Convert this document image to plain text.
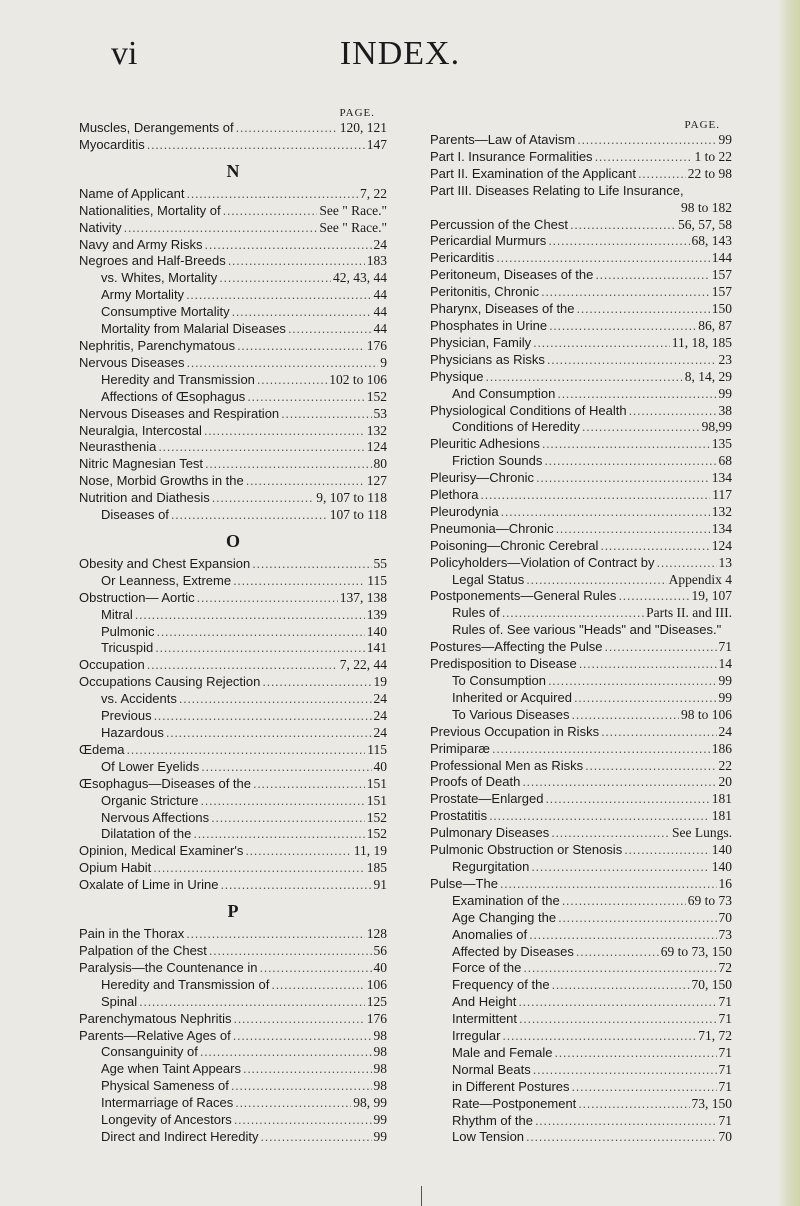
vi	INDEX.
PAGE.
Muscles, Derangements of . . .	120, 121
Myocarditis . . .	147
N
Name of Applicant . . .	7, 22
Nationalities, Mortality of . . .	See " Race."
Nativity . . .	See " Race."
Navy and Army Risks . . .	24
Negroes and Half-Breeds . . .	183
vs. Whites, Mortality . . .	42, 43, 44
Army Mortality . . .	44
Consumptive Mortality . . .	44
Mortality from Malarial Diseases . . .	44
Nephritis, Parenchymatous . . .	176
Nervous Diseases . . .	9
Heredity and Transmission . . .	102 to 106
Affections of Œsophagus . . .	152
Nervous Diseases and Respiration . . .	53
Neuralgia, Intercostal . . .	132
Neurasthenia . . .	124
Nitric Magnesian Test . . .	80
Nose, Morbid Growths in the . . .	127
Nutrition and Diathesis . . .	9, 107 to 118
Diseases of . . .	107 to 118
O
Obesity and Chest Expansion . . .	55
Or Leanness, Extreme . . .	115
Obstruction— Aortic . . .	137, 138
Mitral . . .	139
Pulmonic . . .	140
Tricuspid . . .	141
Occupation . . .	7, 22, 44
Occupations Causing Rejection . . .	19
vs. Accidents . . .	24
Previous . . .	24
Hazardous . . .	24
Œdema . . .	115
Of Lower Eyelids . . .	40
Œsophagus—Diseases of the . . .	151
Organic Stricture . . .	151
Nervous Affections . . .	152
Dilatation of the . . .	152
Opinion, Medical Examiner's . . .	11, 19
Opium Habit . . .	185
Oxalate of Lime in Urine . . .	91
P
Pain in the Thorax . . .	128
Palpation of the Chest . . .	56
Paralysis—the Countenance in . . .	40
Heredity and Transmission of . . .	106
Spinal . . .	125
Parenchymatous Nephritis . . .	176
Parents—Relative Ages of . . .	98
Consanguinity of . . .	98
Age when Taint Appears . . .	98
Physical Sameness of . . .	98
Intermarriage of Races . . .	98, 99
Longevity of Ancestors . . .	99
Direct and Indirect Heredity . . .	99
PAGE.
Parents—Law of Atavism . . .	99
Part I. Insurance Formalities . . .	1 to 22
Part II. Examination of the Applicant . . .	22 to 98
Part III. Diseases Relating to Life Insurance,
98 to 182
Percussion of the Chest . . .	56, 57, 58
Pericardial Murmurs . . .	68, 143
Pericarditis . . .	144
Peritoneum, Diseases of the . . .	157
Peritonitis, Chronic . . .	157
Pharynx, Diseases of the . . .	150
Phosphates in Urine . . .	86, 87
Physician, Family . . .	11, 18, 185
Physicians as Risks . . .	23
Physique . . .	8, 14, 29
And Consumption . . .	99
Physiological Conditions of Health . . .	38
Conditions of Heredity . . .	98,99
Pleuritic Adhesions . . .	135
Friction Sounds . . .	68
Pleurisy—Chronic . . .	134
Plethora . . .	117
Pleurodynia . . .	132
Pneumonia—Chronic . . .	134
Poisoning—Chronic Cerebral . . .	124
Policyholders—Violation of Contract by . . .	13
Legal Status . . .	Appendix 4
Postponements—General Rules . . .	19, 107
Rules of . . .	Parts II. and III.
Rules of. See various "Heads" and "Diseases."
Postures—Affecting the Pulse . . .	71
Predisposition to Disease . . .	14
To Consumption . . .	99
Inherited or Acquired . . .	99
To Various Diseases . . .	98 to 106
Previous Occupation in Risks . . .	24
Primiparæ . . .	186
Professional Men as Risks . . .	22
Proofs of Death . . .	20
Prostate—Enlarged . . .	181
Prostatitis . . .	181
Pulmonary Diseases . . .	See Lungs.
Pulmonic Obstruction or Stenosis . . .	140
Regurgitation . . .	140
Pulse—The . . .	16
Examination of the . . .	69 to 73
Age Changing the . . .	70
Anomalies of . . .	73
Affected by Diseases . . .	69 to 73, 150
Force of the . . .	72
Frequency of the . . .	70, 150
And Height . . .	71
Intermittent . . .	71
Irregular . . .	71, 72
Male and Female . . .	71
Normal Beats . . .	71
in Different Postures . . .	71
Rate—Postponement . . .	73, 150
Rhythm of the . . .	71
Low Tension . . .	70
